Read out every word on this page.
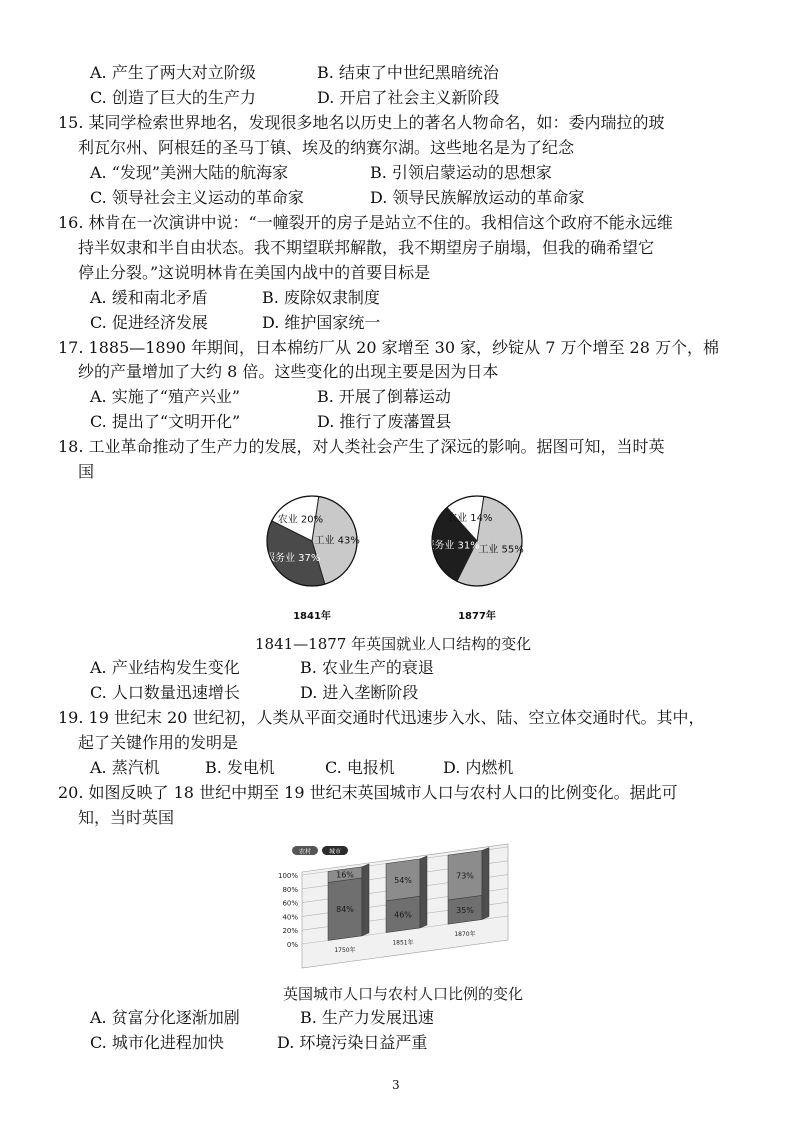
A. 产生了两大对立阶级	B. 结束了中世纪黑暗统治
C. 创造了巨大的生产力	D. 开启了社会主义新阶段
15. 某同学检索世界地名，发现很多地名以历史上的著名人物命名，如：委内瑞拉的玻
利瓦尔州、阿根廷的圣马丁镇、埃及的纳赛尔湖。这些地名是为了纪念
A. “发现”美洲大陆的航海家	B. 引领启蒙运动的思想家
C. 领导社会主义运动的革命家	D. 领导民族解放运动的革命家
16. 林肯在一次演讲中说：“一幢裂开的房子是站立不住的。我相信这个政府不能永远维
持半奴隶和半自由状态。我不期望联邦解散，我不期望房子崩塌，但我的确希望它
停止分裂。”这说明林肯在美国内战中的首要目标是
A. 缓和南北矛盾	B. 废除奴隶制度
C. 促进经济发展	D. 维护国家统一
17. 1885—1890 年期间，日本棉纺厂从 20 家增至 30 家，纱锭从 7 万个增至 28 万个，棉
纱的产量增加了大约 8 倍。这些变化的出现主要是因为日本
A. 实施了“殖产兴业”	B. 开展了倒幕运动
C. 提出了“文明开化”	D. 推行了废藩置县
18. 工业革命推动了生产力的发展，对人类社会产生了深远的影响。据图可知，当时英
国
工业 43%
服务业 37%
农业 20%
工业 55%
服务业 31%
农业 14%
1841年	1877年
1841—1877 年英国就业人口结构的变化
A. 产业结构发生变化	B. 农业生产的衰退
C. 人口数量迅速增长	D. 进入垄断阶段
19. 19 世纪末 20 世纪初，人类从平面交通时代迅速步入水、陆、空立体交通时代。其中，
起了关键作用的发明是
A. 蒸汽机	B. 发电机	C. 电报机	D. 内燃机
20. 如图反映了 18 世纪中期至 19 世纪末英国城市人口与农村人口的比例变化。据此可
知，当时英国
100%
80%
60%
40%
20%
0%
16%
84%
1750年
54%
46%
1851年
73%
35%
1870年
农村	城市
英国城市人口与农村人口比例的变化
A. 贫富分化逐渐加剧	B. 生产力发展迅速
C. 城市化进程加快	D. 环境污染日益严重
3
